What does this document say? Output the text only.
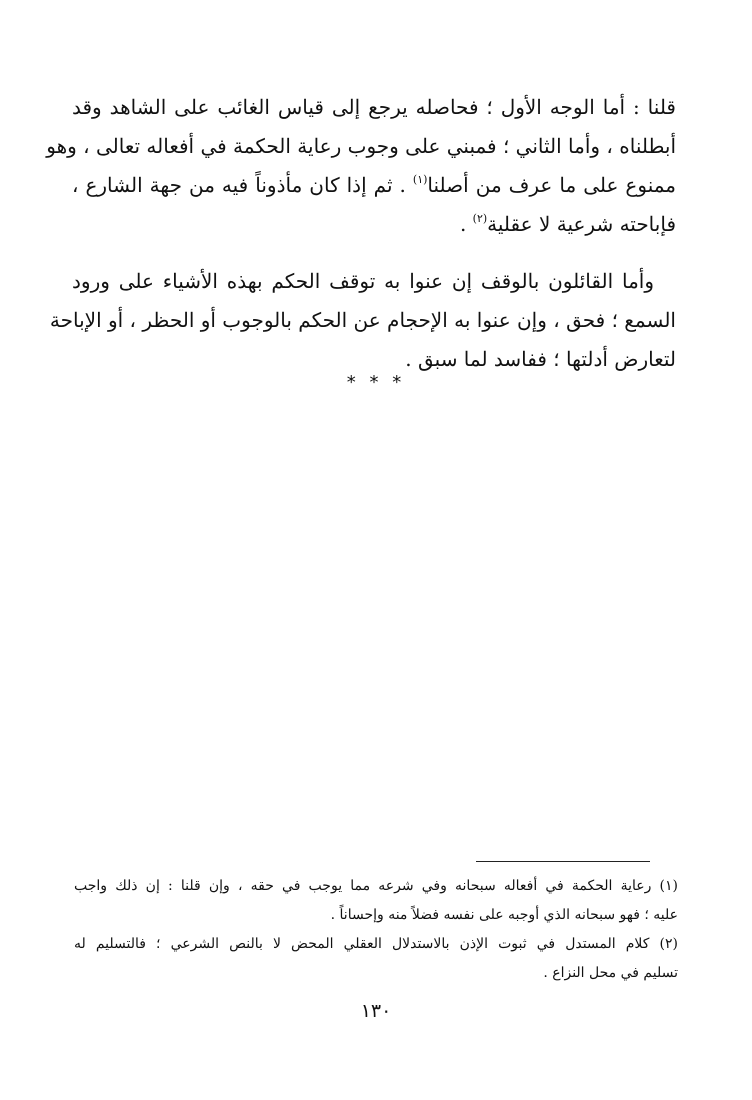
قلنا : أما الوجه الأول ؛ فحاصله يرجع إلى قياس الغائب على الشاهد وقد
أبطلناه ، وأما الثاني ؛ فمبني على وجوب رعاية الحكمة في أفعاله تعالى ، وهو
ممنوع على ما عرف من أصلنا$^{(١)}$ . ثم إذا كان مأذوناً فيه من جهة الشارع ،
فإباحته شرعية لا عقلية$^{(٢)}$ .
وأما القائلون بالوقف إن عنوا به توقف الحكم بهذه الأشياء على ورود
السمع ؛ فحق ، وإن عنوا به الإحجام عن الحكم بالوجوب أو الحظر ، أو الإباحة
لتعارض أدلتها ؛ ففاسد لما سبق .
* * *
(١) رعاية الحكمة في أفعاله سبحانه وفي شرعه مما يوجب في حقه ، وإن قلنا : إن ذلك واجب
عليه ؛ فهو سبحانه الذي أوجبه على نفسه فضلاً منه وإحساناً .
(٢) كلام المستدل في ثبوت الإذن بالاستدلال العقلي المحض لا بالنص الشرعي ؛ فالتسليم له
تسليم في محل النزاع .
١٣٠
